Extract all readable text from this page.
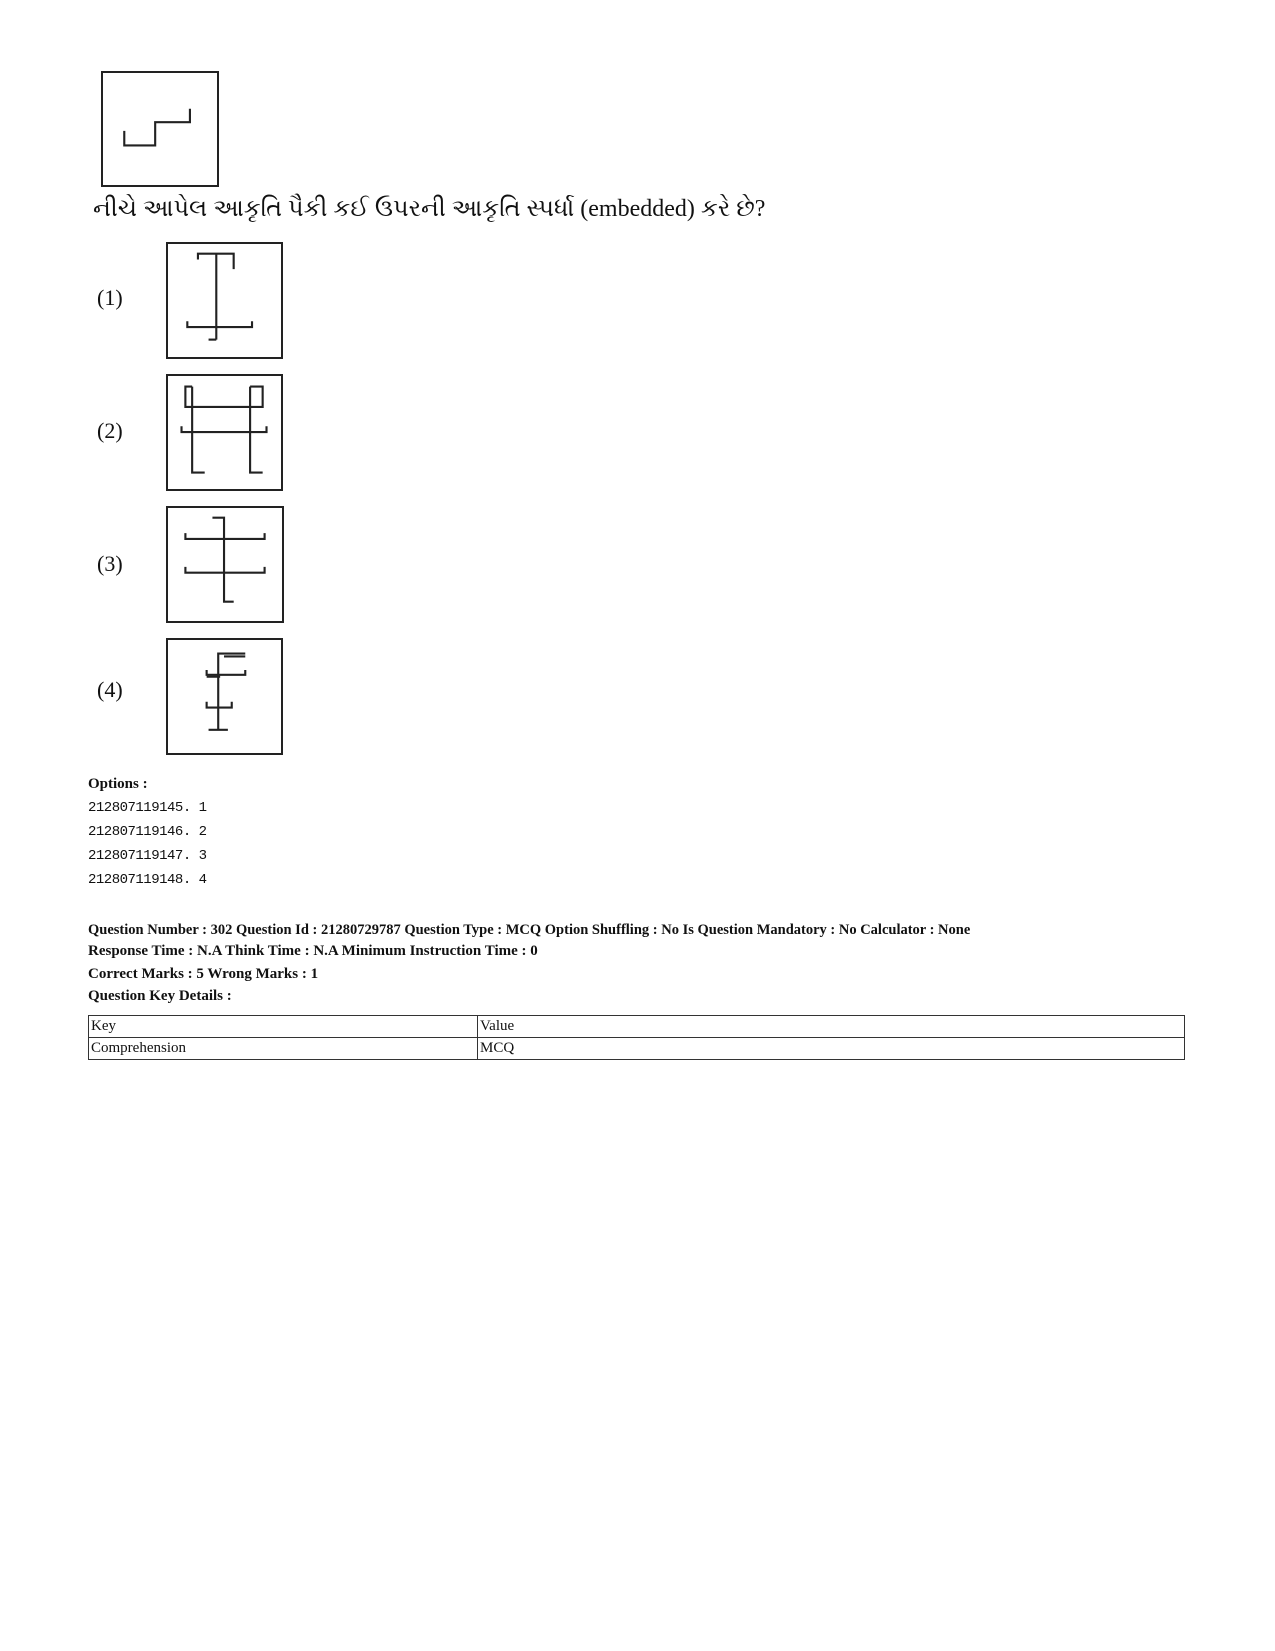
નીચે આપેલ આકૃતિ પૈકી કઈ ઉપરની આકૃતિ સ્પર્ધા (embedded) કરે છે?
(1)
(2)
(3)
(4)
Options :
212807119145. 1
212807119146. 2
212807119147. 3
212807119148. 4
Question Number : 302 Question Id : 21280729787 Question Type : MCQ Option Shuffling : No Is Question Mandatory : No Calculator : None
Response Time : N.A Think Time : N.A Minimum Instruction Time : 0
Correct Marks : 5 Wrong Marks : 1
Question Key Details :
Key	Value
Comprehension	MCQ
